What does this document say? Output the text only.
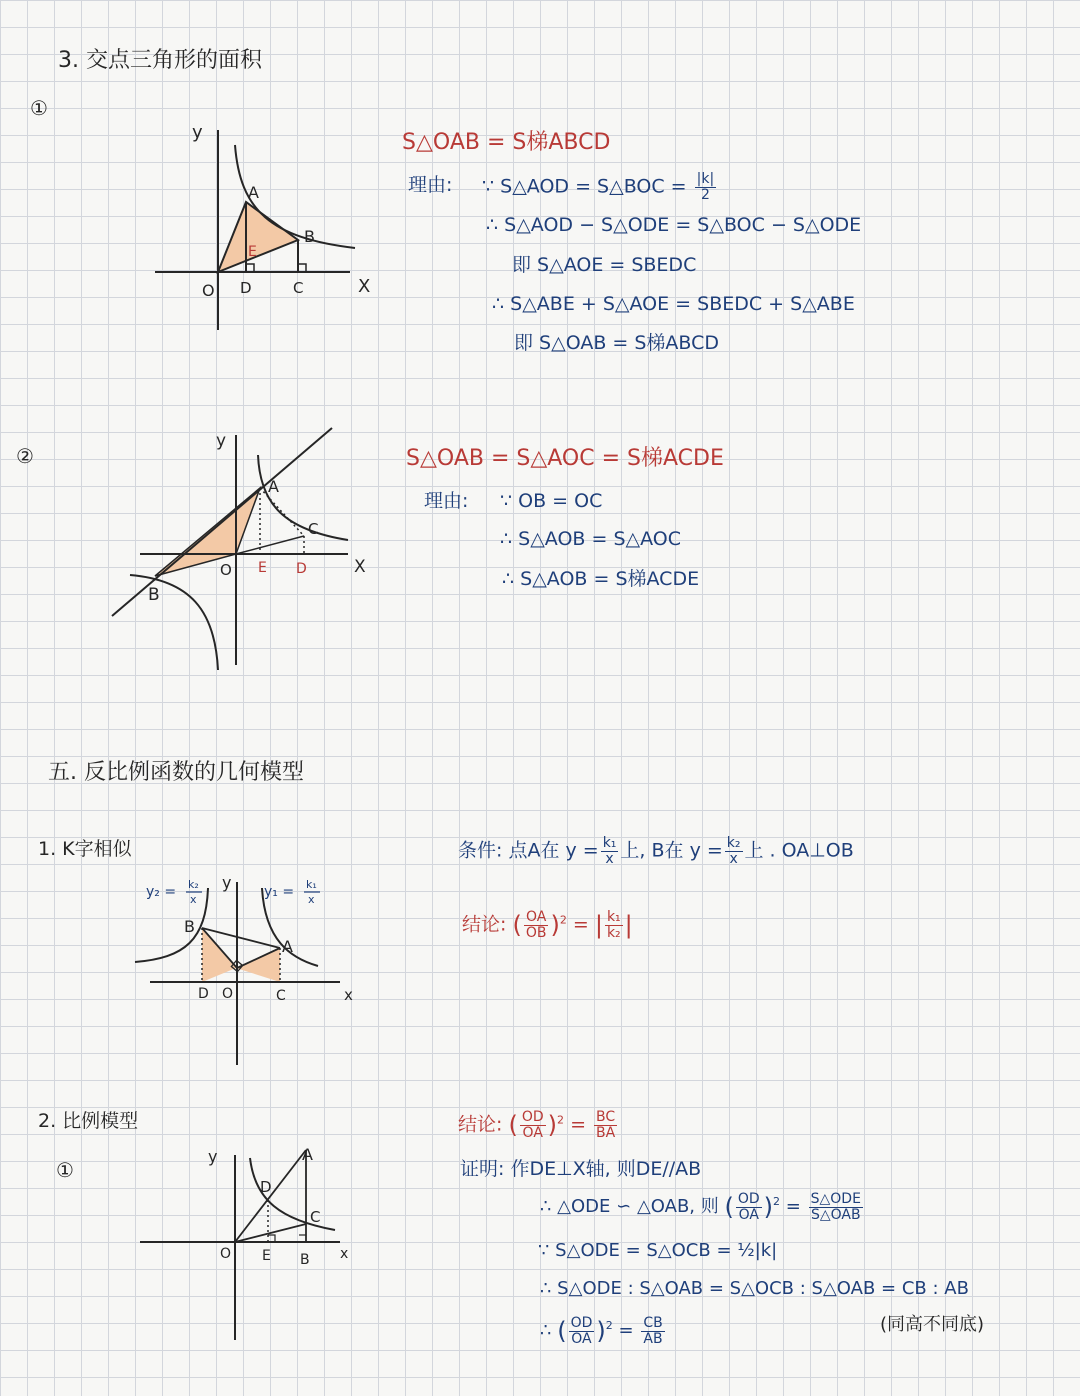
3. 交点三角形的面积
①
y
X
O
A
B
C
D
E
S△OAB = S梯ABCD
理由: ∵ S△AOD = S△BOC = $\frac{|k|}{2}$
∴ S△AOD − S△ODE = S△BOC − S△ODE
即 S△AOE = SBEDC
∴ S△ABE + S△AOE = SBEDC + S△ABE
即 S△OAB = S梯ABCD
②
y
X
O
A
B
C
D
E
S△OAB = S△AOC = S梯ACDE
理由: ∵ OB = OC
∴ S△AOB = S△AOC
∴ S△AOB = S梯ACDE
五. 反比例函数的几何模型
1. K字相似
y
x
D O
A
B
C
y₂ = k₂
x	y₁ = k₁
x
条件: 点A在 $y = \frac{\text{k₁}}{x}$ 上, B在 $y = \frac{\text{k₂}}{x}$ 上 . OA⊥OB
结论: ( $\frac{OA}{OB} )^2$ = | $\frac{\text{k₁}}{\text{k₂}}$ |
2. 比例模型
①
y
x
O
A
B
C
D
E
结论: ( $\frac{OD}{OA} )^2 = \frac{BC}{BA}$
证明: 作DE⊥X轴, 则DE//AB
∴ △ODE ∽ △OAB, 则 ( $\frac{OD}{OA} )^2 = \frac{\text{S△ODE}}{\text{S△OAB}}$
∵ S△ODE = S△OCB = ½|k|
∴ S△ODE : S△OAB = S△OCB : S△OAB = CB : AB
∴ ( $\frac{OD}{OA} )^2 = \frac{CB}{AB}$	(同高不同底)
